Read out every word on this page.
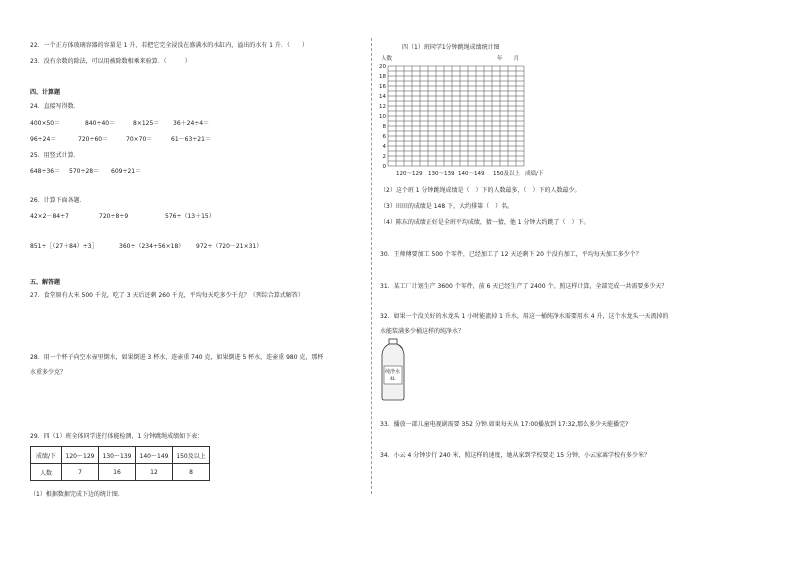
22．一个正方体玻璃容器的容量是 1 升，若把它完全浸没在盛满水的水缸内，溢出的水有 1 升．（　　）
23．没有余数的除法，可以用被除数相乘来验算．（　　　）
四、计算题
24．直接写得数．
400×50＝	840÷40＝	8×125＝ 36＋24÷4＝
96÷24＝	720÷60＝	70×70＝	61－63÷21＝
25．用竖式计算．
648÷36＝ 570÷28＝ 609÷21＝
26．计算下面各题．
42×2－84÷7	720÷8÷9	576÷（13＋15）
851÷［（27＋84）÷3］	360÷（234÷56×18） 972÷（720－21×31）
五、解答题
27．食堂原有大米 500 千克，吃了 3 天后还剩 260 千克，平均每天吃多少千克？（列综合算式解答）
28．用一个杯子向空水壶里倒水，如果倒进 3 杯水，连壶重 740 克，如果倒进 5 杯水，连壶重 980 克，那杯
水重多少克？
29．四（1）班全体同学进行体能检测，1 分钟跳绳成绩如下表：
成绩/下	120～129	130～139	140～149	150及以上
人数	7	16	12	8
（1）根据数据完成下边的统计图．
四（1）班同学1分钟跳绳成绩统计图
人数	年　　月
0
2
4
6
8
10
12
14
16
18
20
120～129 130～139 140～149 150及以上 成绩/下
（2）这个班 1 分钟跳绳成绩是（　）下的人数最多，（　）下的人数最少。
（3）田田的成绩是 148 下，大约排第（　）名。
（4）陈东的成绩正好是全班平均成绩，猜一猜，他 1 分钟大约跳了（　）下。
30．王师傅要加工 500 个零件，已经加工了 12 天还剩下 20 个没有加工，平均每天加工多少个？
31．某工厂计划生产 3600 个零件，前 6 天已经生产了 2400 个。照这样计算，全部完成一共需要多少天？
32．如果一个没关好的水龙头 1 小时能流掉 1 升水，用这一桶纯净水需要用水 4 升，这个水龙头一天流掉的
水能装满多少桶这样的纯净水？
纯净水
4L
33．播放一部儿童电视剧需要 352 分钟.如果每天从 17:00播放到 17:32,那么多少天能播完?
34．小云 4 分钟步行 240 米，照这样的速度，她从家到学校要走 15 分钟，小云家离学校有多少米？
